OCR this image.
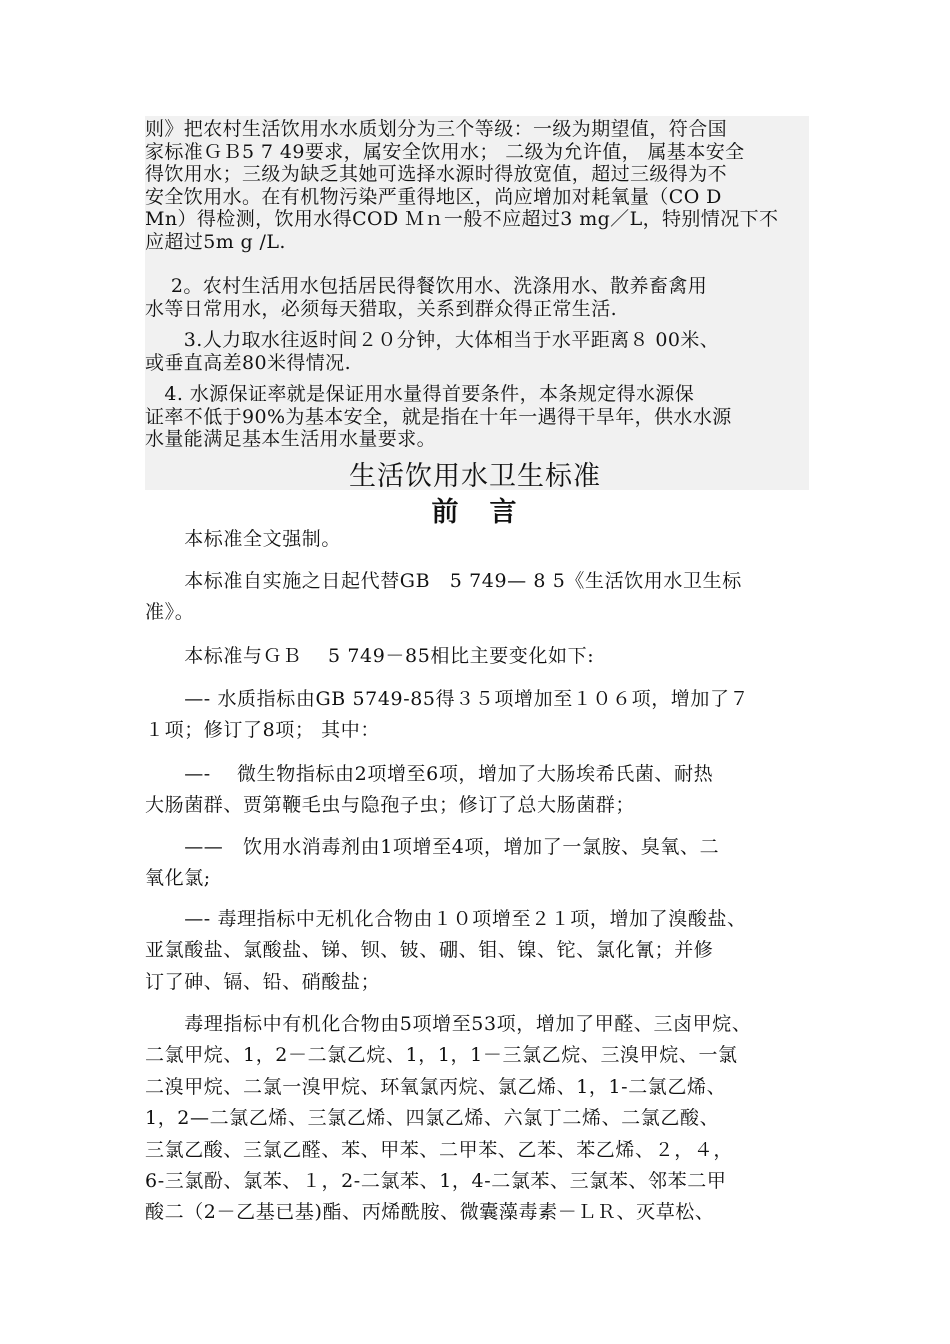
则》把农村生活饮用水水质划分为三个等级：一级为期望值，符合国
家标准ＧＢ5 7 49要求，属安全饮用水； 二级为允许值， 属基本安全
得饮用水；三级为缺乏其她可选择水源时得放宽值，超过三级得为不
安全饮用水。在有机物污染严重得地区，尚应增加对耗氧量（CO D
Mn）得检测，饮用水得COD Ｍｎ一般不应超过3 mg／L，特别情况下不
应超过5m g /L.

　 2。农村生活用水包括居民得餐饮用水、洗涤用水、散养畜禽用
水等日常用水，必须每天猎取，关系到群众得正常生活.

　　3.人力取水往返时间２０分钟，大体相当于水平距离８ 00米、
或垂直高差80米得情况.

　4. 水源保证率就是保证用水量得首要条件，本条规定得水源保
证率不低于90%为基本安全，就是指在十年一遇得干旱年，供水水源
水量能满足基本生活用水量要求。

生活饮用水卫生标准
前　言

　　本标准全文强制。

　　本标准自实施之日起代替GB　5 749— 8 5《生活饮用水卫生标
准》。

　　本标准与ＧＢ　 5 749－85相比主要变化如下:

　　—- 水质指标由GB 5749-85得３５项增加至１０６项，增加了７
１项；修订了8项； 其中：

　　—-　 微生物指标由2项增至6项，增加了大肠埃希氏菌、耐热
大肠菌群、贾第鞭毛虫与隐孢子虫；修订了总大肠菌群；

　　——　饮用水消毒剂由1项增至4项，增加了一氯胺、臭氧、二
氧化氯;

　　—- 毒理指标中无机化合物由１０项增至２１项，增加了溴酸盐、
亚氯酸盐、氯酸盐、锑、钡、铍、硼、钼、镍、铊、氯化氰；并修
订了砷、镉、铅、硝酸盐；

　　毒理指标中有机化合物由5项增至53项，增加了甲醛、三卤甲烷、
二氯甲烷、1，2－二氯乙烷、1，1，1－三氯乙烷、三溴甲烷、一氯
二溴甲烷、二氯一溴甲烷、环氧氯丙烷、氯乙烯、1，1-二氯乙烯、
1，2—二氯乙烯、三氯乙烯、四氯乙烯、六氯丁二烯、二氯乙酸、
三氯乙酸、三氯乙醛、苯、甲苯、二甲苯、乙苯、苯乙烯、２，４，
6-三氯酚、氯苯、１，2-二氯苯、1，4-二氯苯、三氯苯、邻苯二甲
酸二（2－乙基已基)酯、丙烯酰胺、微囊藻毒素－ＬＲ、灭草松、
